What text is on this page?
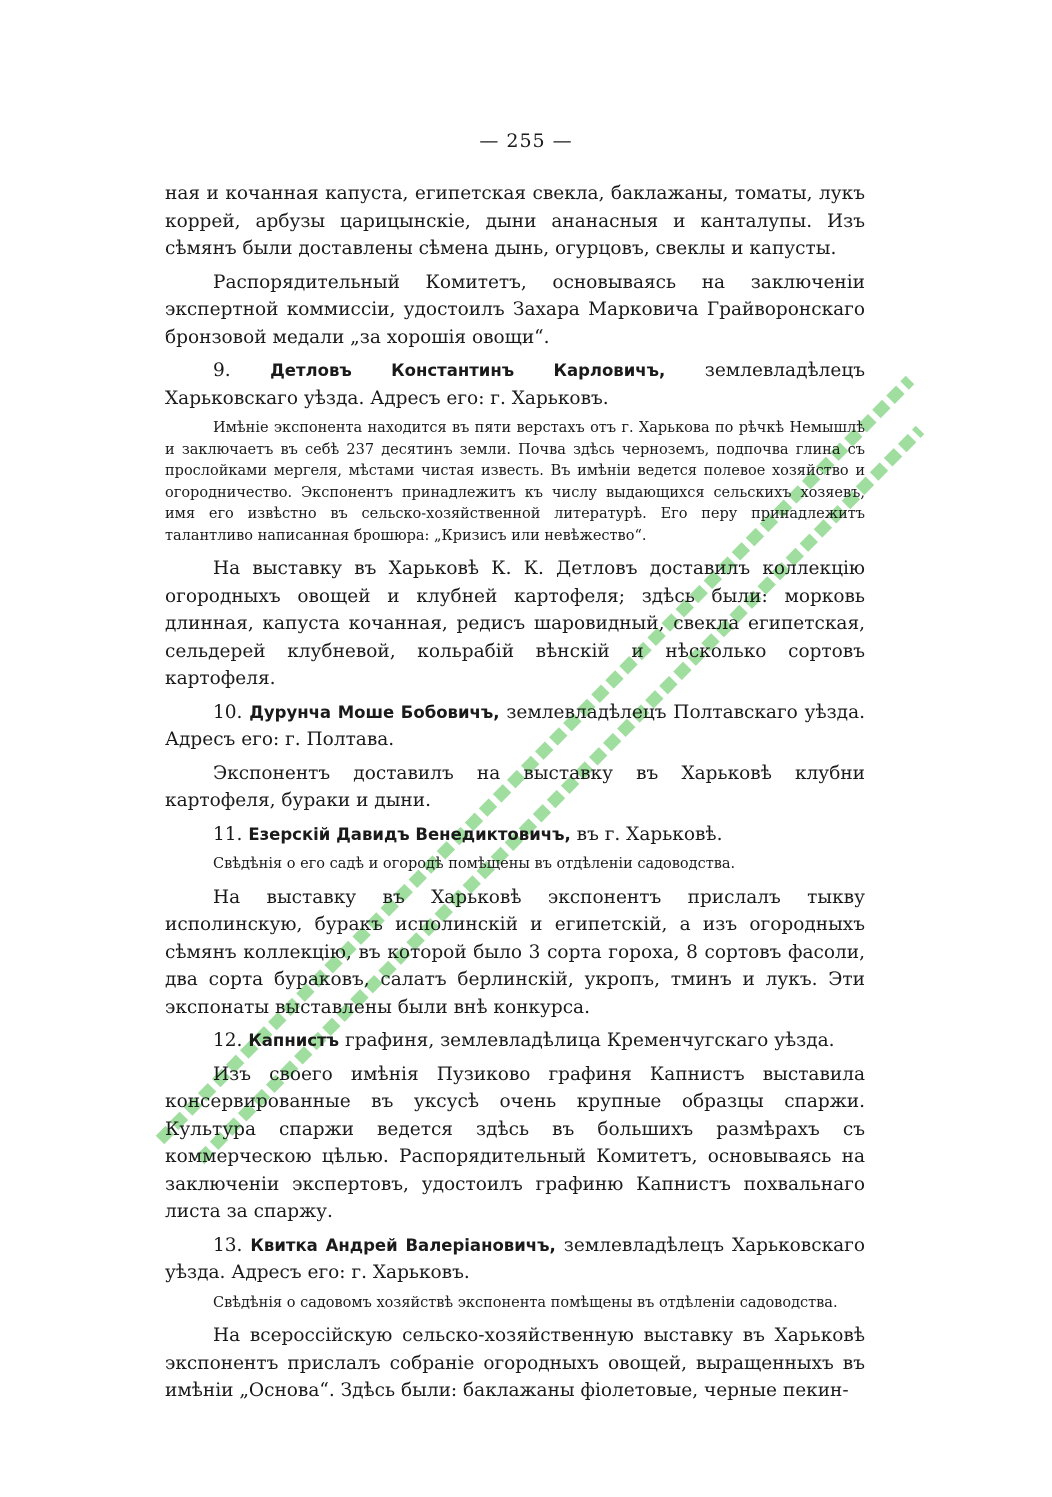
— 255 —

ная и кочанная капуста, египетская свекла, баклажаны, томаты, лукъ коррей, арбузы царицынскіе, дыни ананасныя и канталупы. Изъ сѣмянъ были доставлены сѣмена дынь, огурцовъ, свеклы и капусты.

Распорядительный Комитетъ, основываясь на заключеніи экспертной коммиссіи, удостоилъ Захара Марковича Грайворонскаго бронзовой медали „за хорошія овощи“.

9. Детловъ Константинъ Карловичъ, землевладѣлецъ Харьковскаго уѣзда. Адресъ его: г. Харьковъ.

Имѣніе экспонента находится въ пяти верстахъ отъ г. Харькова по рѣчкѣ Немышлѣ и заключаетъ въ себѣ 237 десятинъ земли. Почва здѣсь черноземъ, подпочва глина съ прослойками мергеля, мѣстами чистая известь. Въ имѣніи ведется полевое хозяйство и огородничество. Экспонентъ принадлежитъ къ числу выдающихся сельскихъ хозяевъ, имя его извѣстно въ сельско-хозяйственной литературѣ. Его перу принадлежитъ талантливо написанная брошюра: „Кризисъ или невѣжество“.

На выставку въ Харьковѣ К. К. Детловъ доставилъ коллекцію огородныхъ овощей и клубней картофеля; здѣсь были: морковь длинная, капуста кочанная, редисъ шаровидный, свекла египетская, сельдерей клубневой, кольрабій вѣнскій и нѣсколько сортовъ картофеля.

10. Дурунча Моше Бобовичъ, землевладѣлецъ Полтавскаго уѣзда. Адресъ его: г. Полтава.

Экспонентъ доставилъ на выставку въ Харьковѣ клубни картофеля, бураки и дыни.

11. Езерскій Давидъ Венедиктовичъ, въ г. Харьковѣ.

Свѣдѣнія о его садѣ и огородѣ помѣщены въ отдѣленіи садоводства.

На выставку въ Харьковѣ экспонентъ прислалъ тыкву исполинскую, буракъ исполинскій и египетскій, а изъ огородныхъ сѣмянъ коллекцію, въ которой было 3 сорта гороха, 8 сортовъ фасоли, два сорта бураковъ, салатъ берлинскій, укропъ, тминъ и лукъ. Эти экспонаты выставлены были внѣ конкурса.

12. Капнистъ графиня, землевладѣлица Кременчугскаго уѣзда.

Изъ своего имѣнія Пузиково графиня Капнистъ выставила консервированные въ уксусѣ очень крупные образцы спаржи. Культура спаржи ведется здѣсь въ большихъ размѣрахъ съ коммерческою цѣлью. Распорядительный Комитетъ, основываясь на заключеніи экспертовъ, удостоилъ графиню Капнистъ похвальнаго листа за спаржу.

13. Квитка Андрей Валеріановичъ, землевладѣлецъ Харьковскаго уѣзда. Адресъ его: г. Харьковъ.

Свѣдѣнія о садовомъ хозяйствѣ экспонента помѣщены въ отдѣленіи садоводства.

На всероссійскую сельско-хозяйственную выставку въ Харьковѣ экспонентъ прислалъ собраніе огородныхъ овощей, выращенныхъ въ имѣніи „Основа“. Здѣсь были: баклажаны фіолетовые, черные пекин-
